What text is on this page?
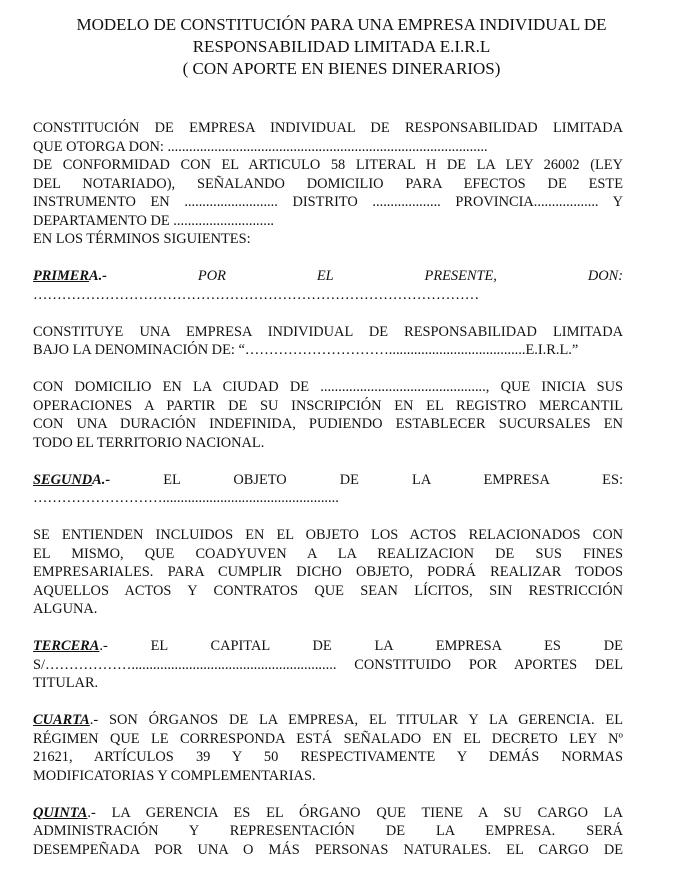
MODELO DE CONSTITUCIÓN PARA UNA EMPRESA INDIVIDUAL DE
RESPONSABILIDAD LIMITADA E.I.R.L
( CON APORTE EN BIENES DINERARIOS)
CONSTITUCIÓN DE EMPRESA INDIVIDUAL DE RESPONSABILIDAD LIMITADA
QUE OTORGA DON: .........................................................................................
DE CONFORMIDAD CON EL ARTICULO 58 LITERAL H DE LA LEY 26002 (LEY
DEL NOTARIADO), SEÑALANDO DOMICILIO PARA EFECTOS DE ESTE
INSTRUMENTO EN .......................... DISTRITO ................... PROVINCIA.................. Y
DEPARTAMENTO DE ............................
EN LOS TÉRMINOS SIGUIENTES:
PRIMERA.-	POR	EL	PRESENTE,	DON:
…………………………………………………………………………………
CONSTITUYE UNA EMPRESA INDIVIDUAL DE RESPONSABILIDAD LIMITADA
BAJO LA DENOMINACIÓN DE: “…………………………......................................E.I.R.L.”
CON DOMICILIO EN LA CIUDAD DE .............................................., QUE INICIA SUS
OPERACIONES A PARTIR DE SU INSCRIPCIÓN EN EL REGISTRO MERCANTIL
CON UNA DURACIÓN INDEFINIDA, PUDIENDO ESTABLECER SUCURSALES EN
TODO EL TERRITORIO NACIONAL.
SEGUNDA.-	EL	OBJETO	DE	LA	EMPRESA	ES:
……………………….................................................
SE ENTIENDEN INCLUIDOS EN EL OBJETO LOS ACTOS RELACIONADOS CON
EL MISMO, QUE COADYUVEN A LA REALIZACION DE SUS FINES
EMPRESARIALES. PARA CUMPLIR DICHO OBJETO, PODRÁ REALIZAR TODOS
AQUELLOS ACTOS Y CONTRATOS QUE SEAN LÍCITOS, SIN RESTRICCIÓN
ALGUNA.
TERCERA.-	EL	CAPITAL	DE	LA	EMPRESA	ES	DE
S/………………......................................................... CONSTITUIDO POR APORTES DEL
TITULAR.
CUARTA.- SON ÓRGANOS DE LA EMPRESA, EL TITULAR Y LA GERENCIA. EL
RÉGIMEN QUE LE CORRESPONDA ESTÁ SEÑALADO EN EL DECRETO LEY Nº
21621, ARTÍCULOS 39 Y 50 RESPECTIVAMENTE Y DEMÁS NORMAS
MODIFICATORIAS Y COMPLEMENTARIAS.
QUINTA.- LA GERENCIA ES EL ÓRGANO QUE TIENE A SU CARGO LA
ADMINISTRACIÓN Y REPRESENTACIÓN DE LA EMPRESA. SERÁ
DESEMPEÑADA POR UNA O MÁS PERSONAS NATURALES. EL CARGO DE
